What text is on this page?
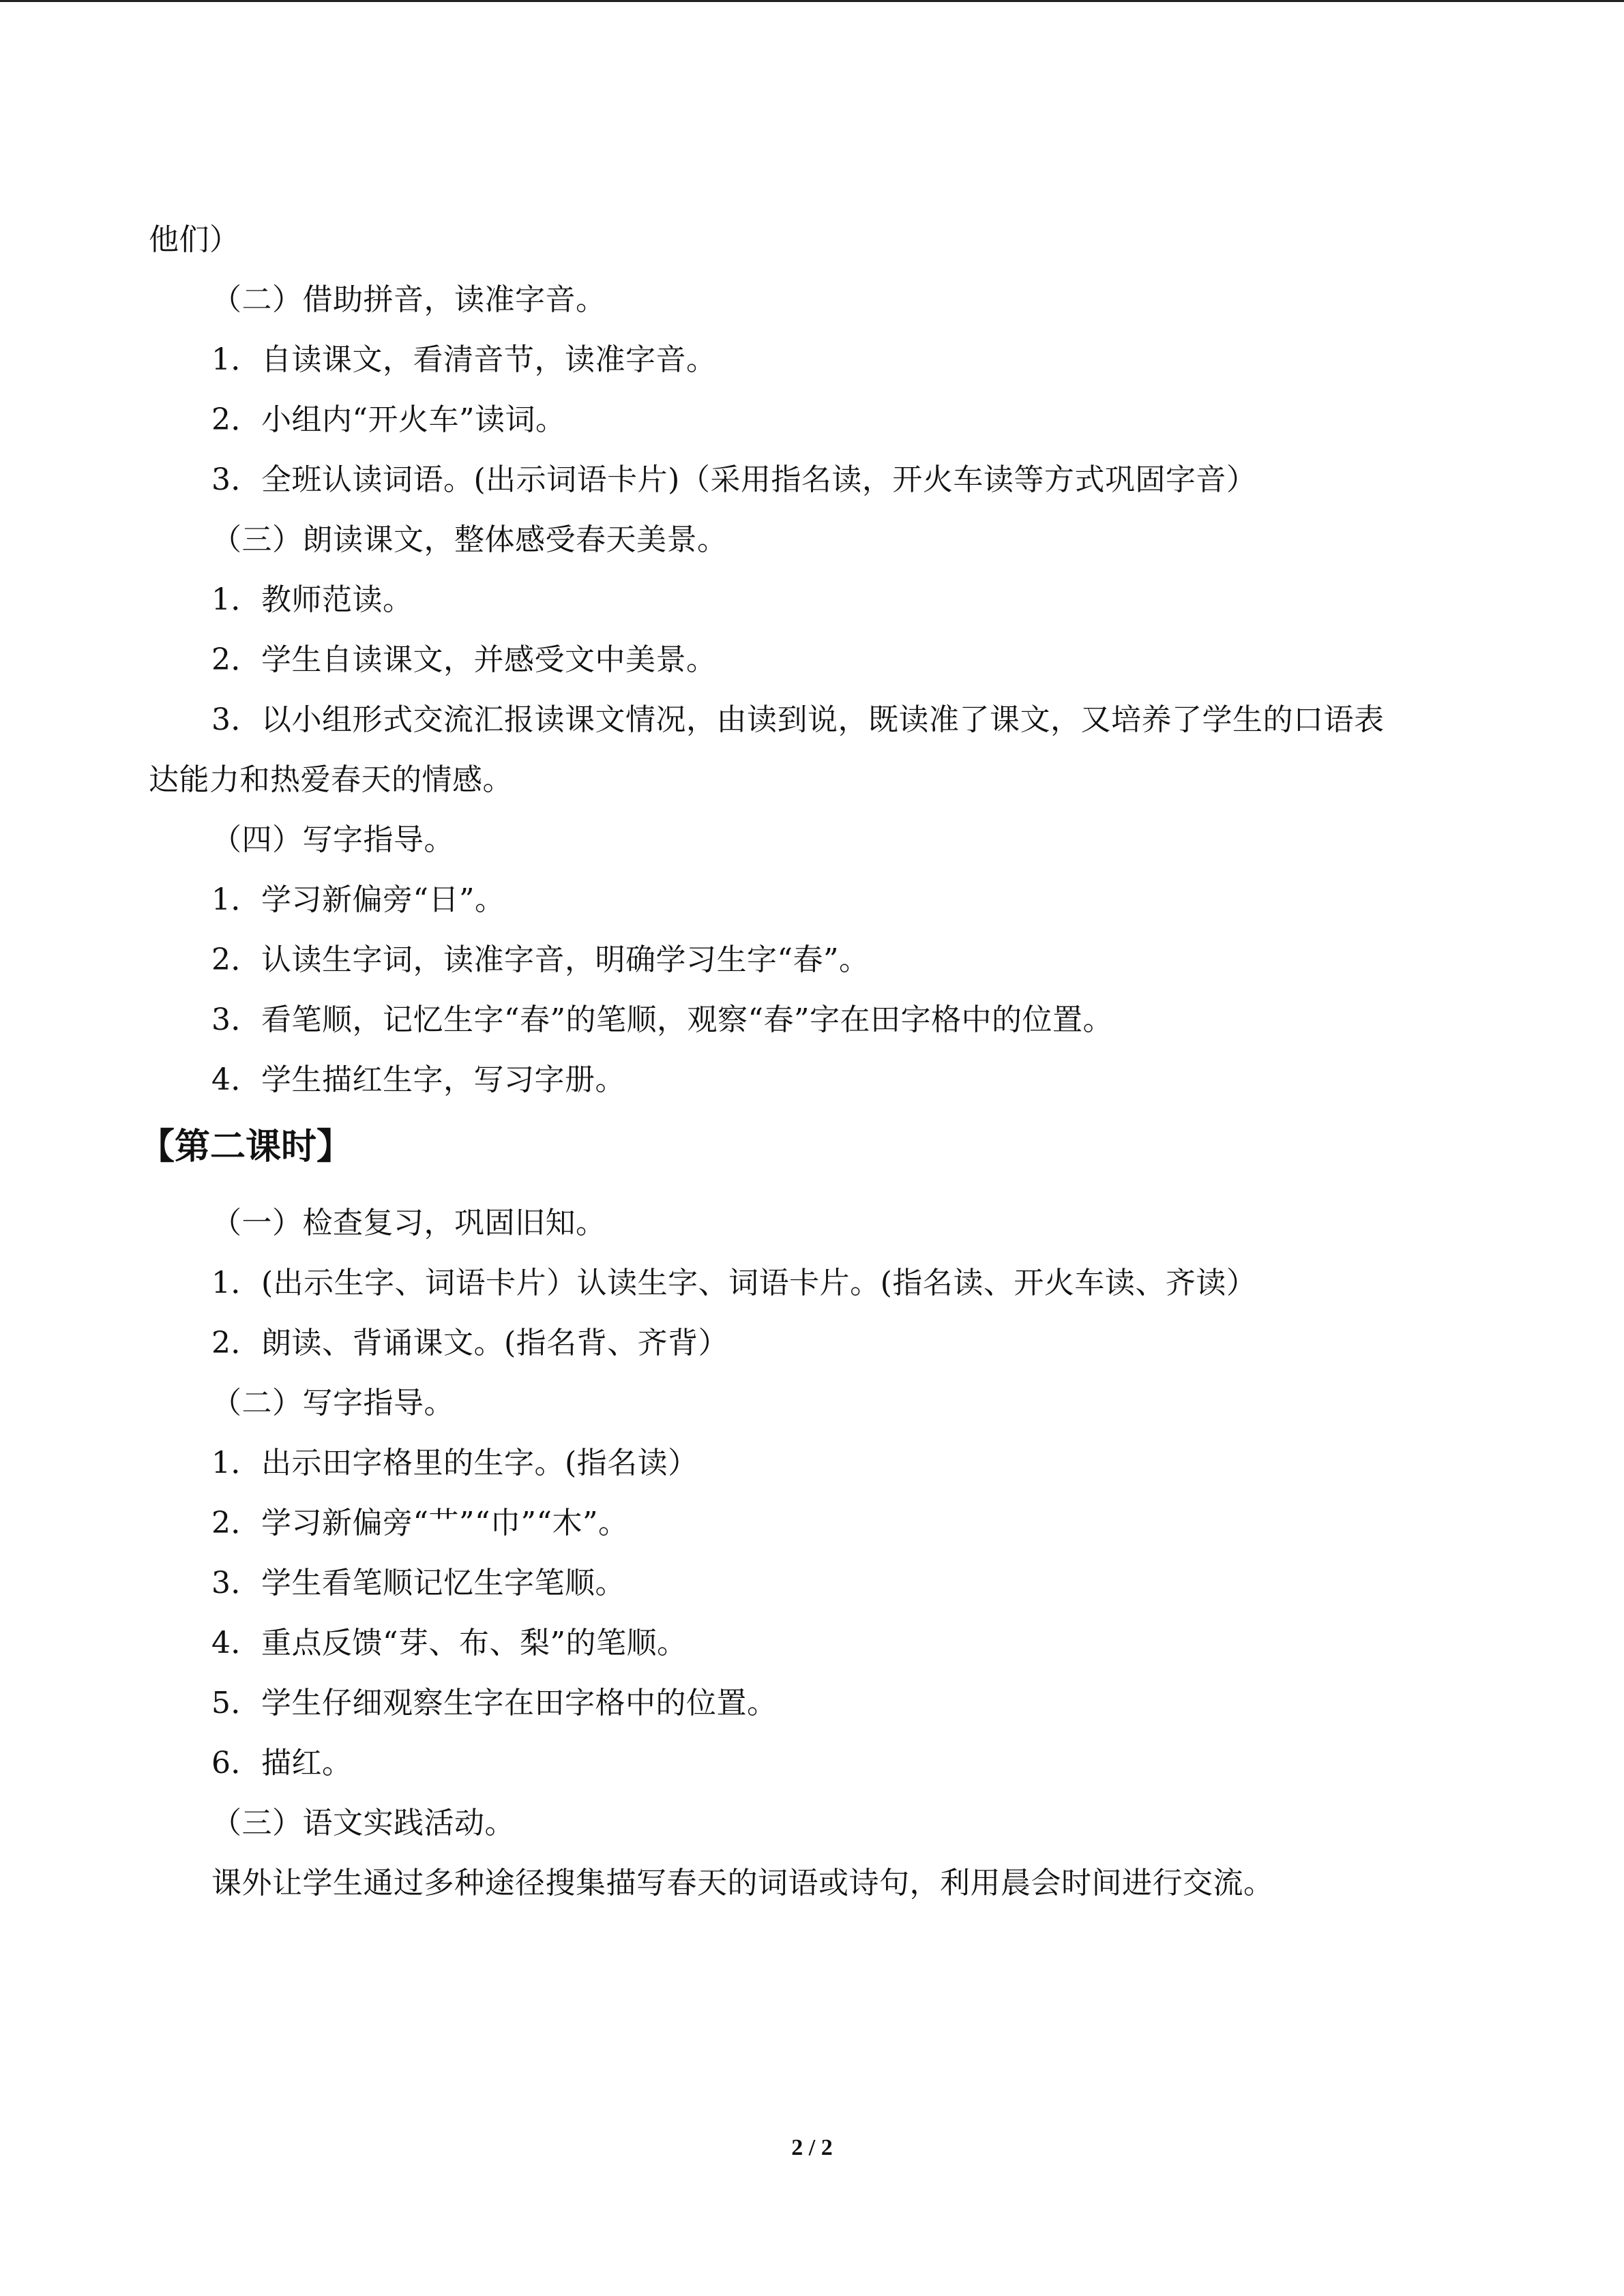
他们）
（二）借助拼音，读准字音。
1．自读课文，看清音节，读准字音。
2．小组内“开火车”读词。
3．全班认读词语。(出示词语卡片)（采用指名读，开火车读等方式巩固字音）
（三）朗读课文，整体感受春天美景。
1．教师范读。
2．学生自读课文，并感受文中美景。
3．以小组形式交流汇报读课文情况，由读到说，既读准了课文，又培养了学生的口语表
达能力和热爱春天的情感。
（四）写字指导。
1．学习新偏旁“日”。
2．认读生字词，读准字音，明确学习生字“春”。
3．看笔顺，记忆生字“春”的笔顺，观察“春”字在田字格中的位置。
4．学生描红生字，写习字册。
【第二课时】
（一）检查复习，巩固旧知。
1．(出示生字、词语卡片）认读生字、词语卡片。(指名读、开火车读、齐读）
2．朗读、背诵课文。(指名背、齐背）
（二）写字指导。
1．出示田字格里的生字。(指名读）
2．学习新偏旁“艹”“巾”“木”。
3．学生看笔顺记忆生字笔顺。
4．重点反馈“芽、布、梨”的笔顺。
5．学生仔细观察生字在田字格中的位置。
6．描红。
（三）语文实践活动。
课外让学生通过多种途径搜集描写春天的词语或诗句，利用晨会时间进行交流。
2 / 2
